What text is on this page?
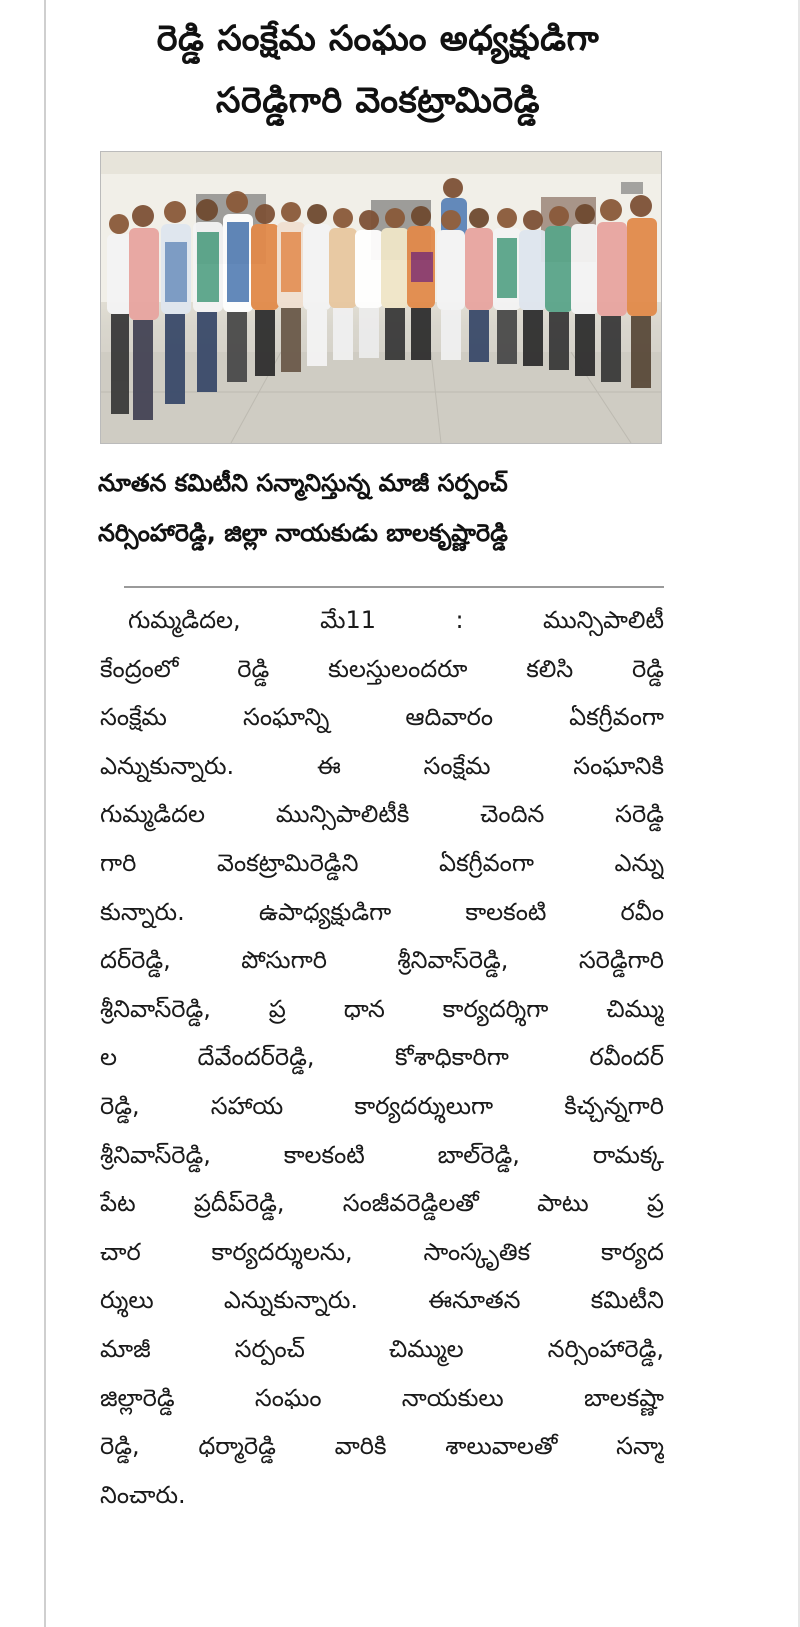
రెడ్డి సంక్షేమ సంఘం అధ్యక్షుడిగా
సరెడ్డిగారి వెంకట్రామిరెడ్డి
నూతన కమిటీని సన్మానిస్తున్న మాజీ సర్పంచ్
నర్సింహారెడ్డి, జిల్లా నాయకుడు బాలకృష్ణారెడ్డి
గుమ్మడిదల, మే11 : మున్సిపాలిటీ
కేంద్రంలో రెడ్డి కులస్తులందరూ కలిసి రెడ్డి
సంక్షేమ సంఘాన్ని ఆదివారం ఏకగ్రీవంగా
ఎన్నుకున్నారు. ఈ సంక్షేమ సంఘానికి
గుమ్మడిదల మున్సిపాలిటీకి చెందిన సరెడ్డి
గారి వెంకట్రామిరెడ్డిని ఏకగ్రీవంగా ఎన్ను
కున్నారు. ఉపాధ్యక్షుడిగా కాలకంటి రవీం
దర్‌రెడ్డి, పోసుగారి శ్రీనివాస్‌రెడ్డి, సరెడ్డిగారి
శ్రీనివాస్‌రెడ్డి, ప్ర ధాన కార్యదర్శిగా చిమ్ము
ల దేవేందర్‌రెడ్డి, కోశాధికారిగా రవీందర్
రెడ్డి, సహాయ కార్యదర్శులుగా కిచ్చన్నగారి
శ్రీనివాస్‌రెడ్డి, కాలకంటి బాల్‌రెడ్డి, రామక్క
పేట ప్రదీప్‌రెడ్డి, సంజీవరెడ్డిలతో పాటు ప్ర
చార కార్యదర్శులను, సాంస్కృతిక కార్యద
ర్శులు ఎన్నుకున్నారు. ఈనూతన కమిటీని
మాజీ సర్పంచ్ చిమ్ముల నర్సింహారెడ్డి,
జిల్లారెడ్డి సంఘం నాయకులు బాలకష్ణా
రెడ్డి, ధర్మారెడ్డి వారికి శాలువాలతో సన్మా
నించారు.
